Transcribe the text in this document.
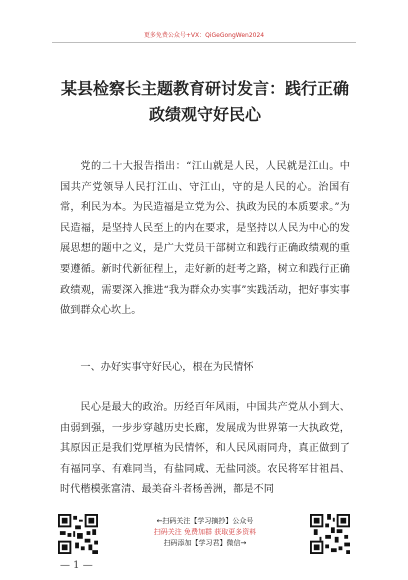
更多免费公众号+VX：QiGeGongWen2024
某县检察长主题教育研讨发言：践行正确政绩观守好民心

党的二十大报告指出：“江山就是人民，人民就是江山。中国共产党领导人民打江山、守江山，守的是人民的心。治国有常，利民为本。为民造福是立党为公、执政为民的本质要求。”为民造福，是坚持人民至上的内在要求，是坚持以人民为中心的发展思想的题中之义，是广大党员干部树立和践行正确政绩观的重要遵循。新时代新征程上，走好新的赶考之路，树立和践行正确政绩观，需要深入推进“我为群众办实事”实践活动，把好事实事做到群众心坎上。

一、办好实事守好民心，根在为民情怀

民心是最大的政治。历经百年风雨，中国共产党从小到大、由弱到强，一步步穿越历史长廊，发展成为世界第一大执政党，其原因正是我们党厚植为民情怀，和人民风雨同舟，真正做到了有福同享、有难同当，有盐同咸、无盐同淡。农民将军甘祖昌、时代楷模张富清、最美奋斗者杨善洲，都是不同

←扫码关注【学习摘抄】公众号
扫码关注 免费加群 获取更多资料
扫码添加【学习君】微信→
— 1 —
